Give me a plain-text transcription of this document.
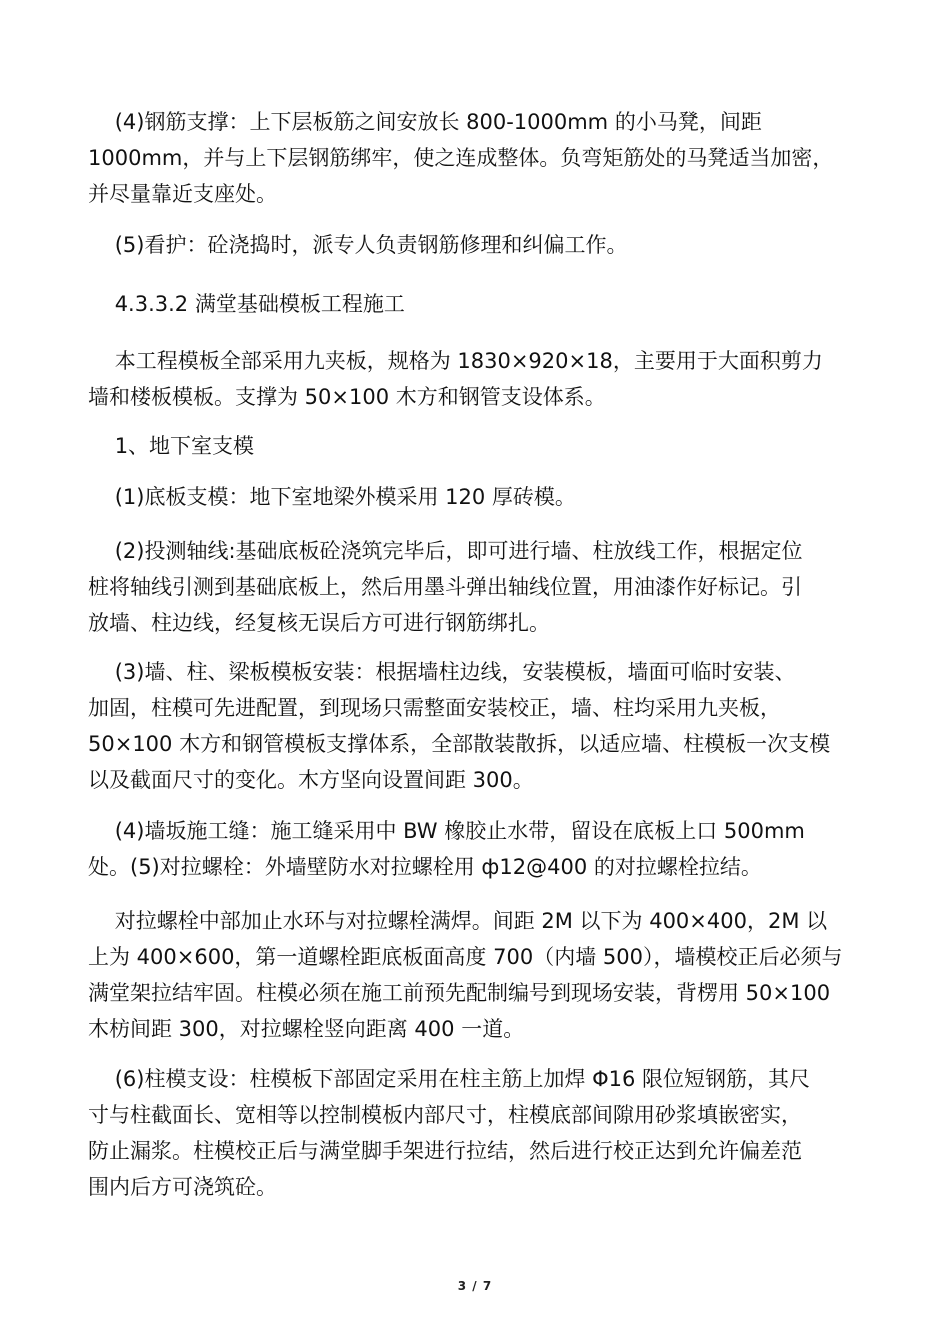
(4)钢筋支撑：上下层板筋之间安放长 800-1000mm 的小马凳，间距
1000mm，并与上下层钢筋绑牢，使之连成整体。负弯矩筋处的马凳适当加密，
并尽量靠近支座处。
(5)看护：砼浇捣时，派专人负责钢筋修理和纠偏工作。
4.3.3.2 满堂基础模板工程施工
本工程模板全部采用九夹板，规格为 1830×920×18，主要用于大面积剪力
墙和楼板模板。支撑为 50×100 木方和钢管支设体系。
1、地下室支模
(1)底板支模：地下室地梁外模采用 120 厚砖模。
(2)投测轴线:基础底板砼浇筑完毕后，即可进行墙、柱放线工作，根据定位
桩将轴线引测到基础底板上，然后用墨斗弹出轴线位置，用油漆作好标记。引
放墙、柱边线，经复核无误后方可进行钢筋绑扎。
(3)墙、柱、梁板模板安装：根据墙柱边线，安装模板，墙面可临时安装、
加固，柱模可先进配置，到现场只需整面安装校正，墙、柱均采用九夹板，
50×100 木方和钢管模板支撑体系，全部散装散拆，以适应墙、柱模板一次支模
以及截面尺寸的变化。木方坚向设置间距 300。
(4)墙坂施工缝：施工缝采用中 BW 橡胶止水带，留设在底板上口 500mm
处。(5)对拉螺栓：外墙壁防水对拉螺栓用 ф12@400 的对拉螺栓拉结。
对拉螺栓中部加止水环与对拉螺栓满焊。间距 2M 以下为 400×400，2M 以
上为 400×600，第一道螺栓距底板面高度 700（内墙 500），墙模校正后必须与
满堂架拉结牢固。柱模必须在施工前预先配制编号到现场安装，背楞用 50×100
木枋间距 300，对拉螺栓竖向距离 400 一道。
(6)柱模支设：柱模板下部固定采用在柱主筋上加焊 Φ16 限位短钢筋，其尺
寸与柱截面长、宽相等以控制模板内部尺寸，柱模底部间隙用砂浆填嵌密实，
防止漏浆。柱模校正后与满堂脚手架进行拉结，然后进行校正达到允许偏差范
围内后方可浇筑砼。
3 / 7
